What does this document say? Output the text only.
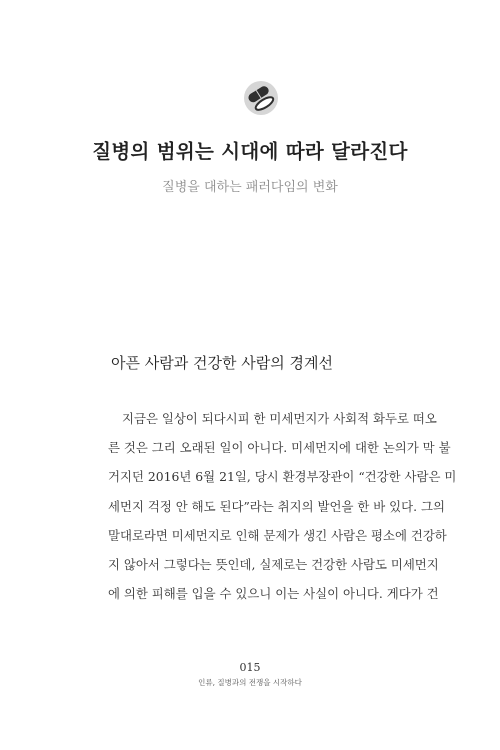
질병의 범위는 시대에 따라 달라진다
질병을 대하는 패러다임의 변화
아픈 사람과 건강한 사람의 경계선
지금은 일상이 되다시피 한 미세먼지가 사회적 화두로 떠오
른 것은 그리 오래된 일이 아니다. 미세먼지에 대한 논의가 막 불
거지던 2016년 6월 21일, 당시 환경부장관이 “건강한 사람은 미
세먼지 걱정 안 해도 된다”라는 취지의 발언을 한 바 있다. 그의
말대로라면 미세먼지로 인해 문제가 생긴 사람은 평소에 건강하
지 않아서 그렇다는 뜻인데, 실제로는 건강한 사람도 미세먼지
에 의한 피해를 입을 수 있으니 이는 사실이 아니다. 게다가 건
015
인류, 질병과의 전쟁을 시작하다
